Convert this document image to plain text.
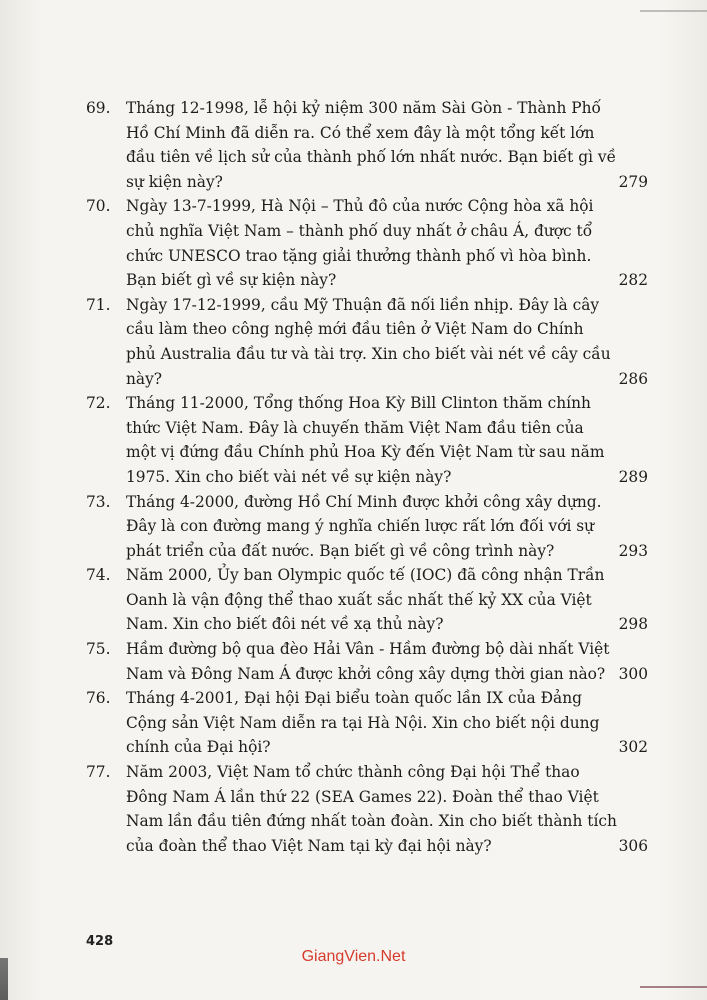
69.	Tháng 12-1998, lễ hội kỷ niệm 300 năm Sài Gòn - Thành Phố Hồ Chí Minh đã diễn ra. Có thể xem đây là một tổng kết lớn đầu tiên về lịch sử của thành phố lớn nhất nước. Bạn biết gì về sự kiện này?	279
70.	Ngày 13-7-1999, Hà Nội – Thủ đô của nước Cộng hòa xã hội chủ nghĩa Việt Nam – thành phố duy nhất ở châu Á, được tổ chức UNESCO trao tặng giải thưởng thành phố vì hòa bình. Bạn biết gì về sự kiện này?	282
71.	Ngày 17-12-1999, cầu Mỹ Thuận đã nối liền nhịp. Đây là cây cầu làm theo công nghệ mới đầu tiên ở Việt Nam do Chính phủ Australia đầu tư và tài trợ. Xin cho biết vài nét về cây cầu này?	286
72.	Tháng 11-2000, Tổng thống Hoa Kỳ Bill Clinton thăm chính thức Việt Nam. Đây là chuyến thăm Việt Nam đầu tiên của một vị đứng đầu Chính phủ Hoa Kỳ đến Việt Nam từ sau năm 1975. Xin cho biết vài nét về sự kiện này?	289
73.	Tháng 4-2000, đường Hồ Chí Minh được khởi công xây dựng. Đây là con đường mang ý nghĩa chiến lược rất lớn đối với sự phát triển của đất nước. Bạn biết gì về công trình này?	293
74.	Năm 2000, Ủy ban Olympic quốc tế (IOC) đã công nhận Trần Oanh là vận động thể thao xuất sắc nhất thế kỷ XX của Việt Nam. Xin cho biết đôi nét về xạ thủ này?	298
75.	Hầm đường bộ qua đèo Hải Vân - Hầm đường bộ dài nhất Việt Nam và Đông Nam Á được khởi công xây dựng thời gian nào? 300
76.	Tháng 4-2001, Đại hội Đại biểu toàn quốc lần IX của Đảng Cộng sản Việt Nam diễn ra tại Hà Nội. Xin cho biết nội dung chính của Đại hội?	302
77.	Năm 2003, Việt Nam tổ chức thành công Đại hội Thể thao Đông Nam Á lần thứ 22 (SEA Games 22). Đoàn thể thao Việt Nam lần đầu tiên đứng nhất toàn đoàn. Xin cho biết thành tích của đoàn thể thao Việt Nam tại kỳ đại hội này?	306
428
GiangVien.Net
